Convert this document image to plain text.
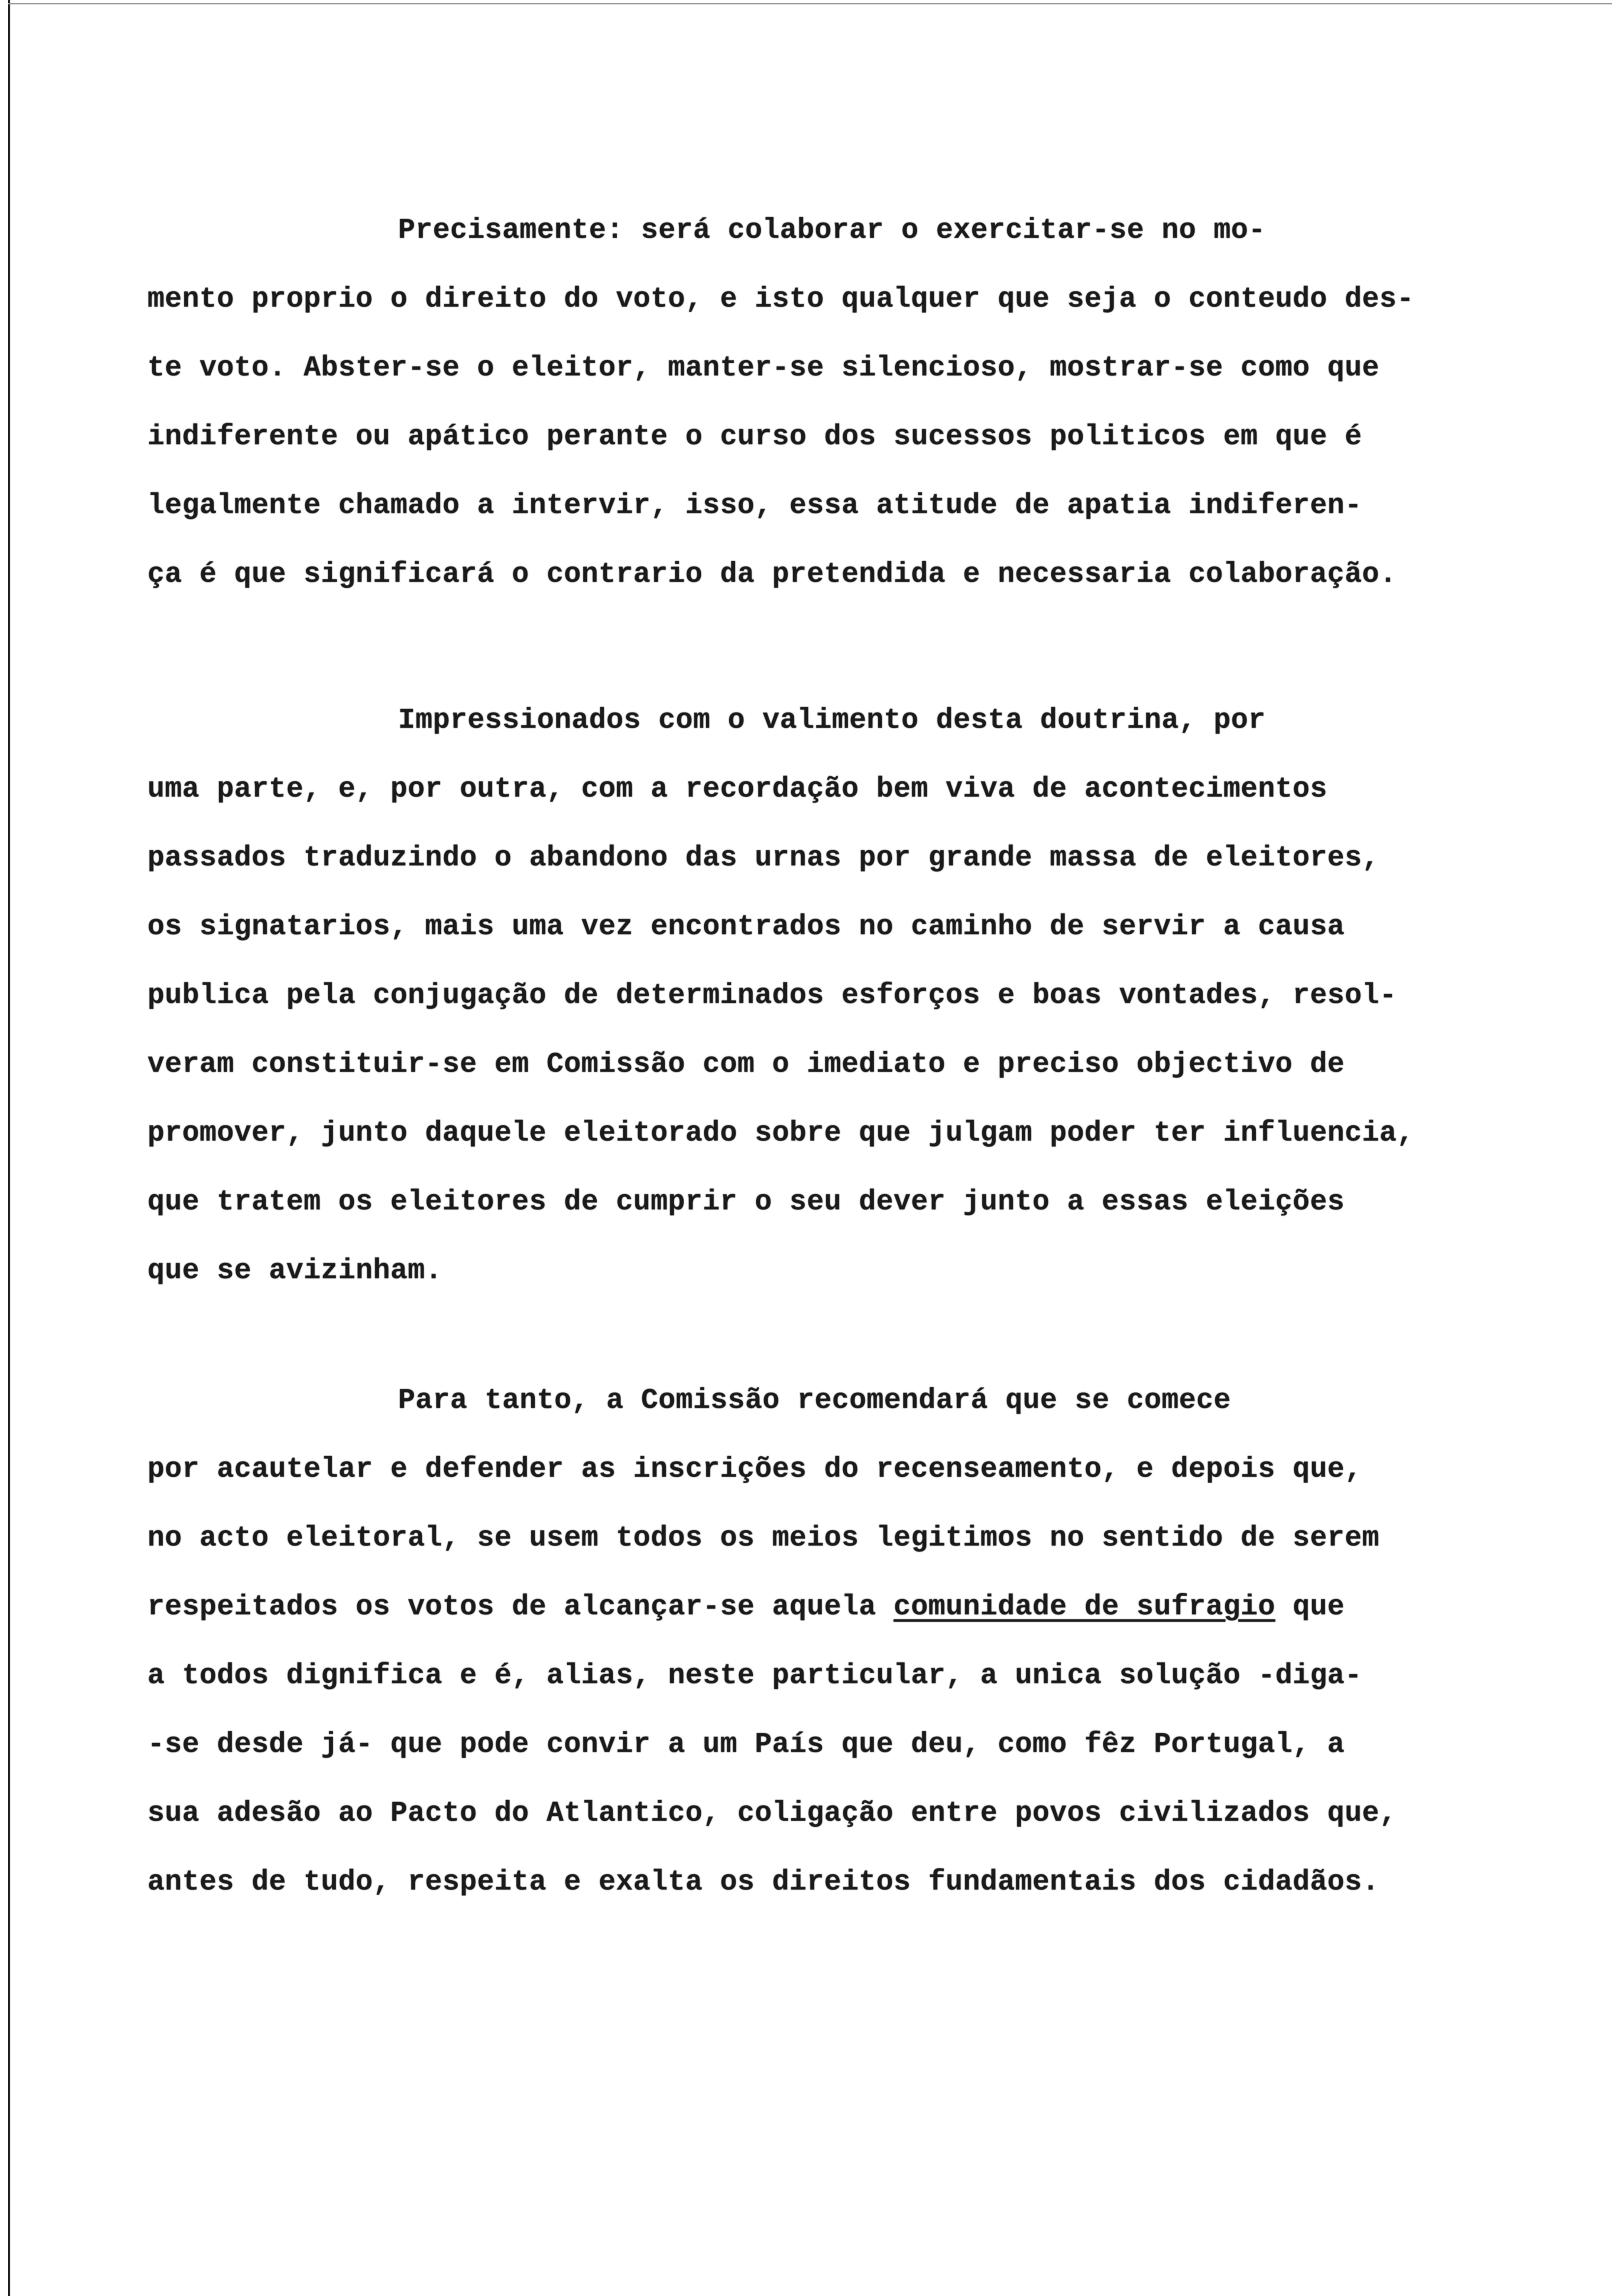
Precisamente: será colaborar o exercitar-se no mo-
mento proprio o direito do voto, e isto qualquer que seja o conteudo des-
te voto. Abster-se o eleitor, manter-se silencioso, mostrar-se como que
indiferente ou apático perante o curso dos sucessos politicos em que é
legalmente chamado a intervir, isso, essa atitude de apatia indiferen-
ça é que significará o contrario da pretendida e necessaria colaboração.
Impressionados com o valimento desta doutrina, por
uma parte, e, por outra, com a recordação bem viva de acontecimentos
passados traduzindo o abandono das urnas por grande massa de eleitores,
os signatarios, mais uma vez encontrados no caminho de servir a causa
publica pela conjugação de determinados esforços e boas vontades, resol-
veram constituir-se em Comissão com o imediato e preciso objectivo de
promover, junto daquele eleitorado sobre que julgam poder ter influencia,
que tratem os eleitores de cumprir o seu dever junto a essas eleições
que se avizinham.
Para tanto, a Comissão recomendará que se comece
por acautelar e defender as inscrições do recenseamento, e depois que,
no acto eleitoral, se usem todos os meios legitimos no sentido de serem
respeitados os votos de alcançar-se aquela comunidade de sufragio que
a todos dignifica e é, alias, neste particular, a unica solução -diga-
-se desde já- que pode convir a um País que deu, como fêz Portugal, a
sua adesão ao Pacto do Atlantico, coligação entre povos civilizados que,
antes de tudo, respeita e exalta os direitos fundamentais dos cidadãos.
